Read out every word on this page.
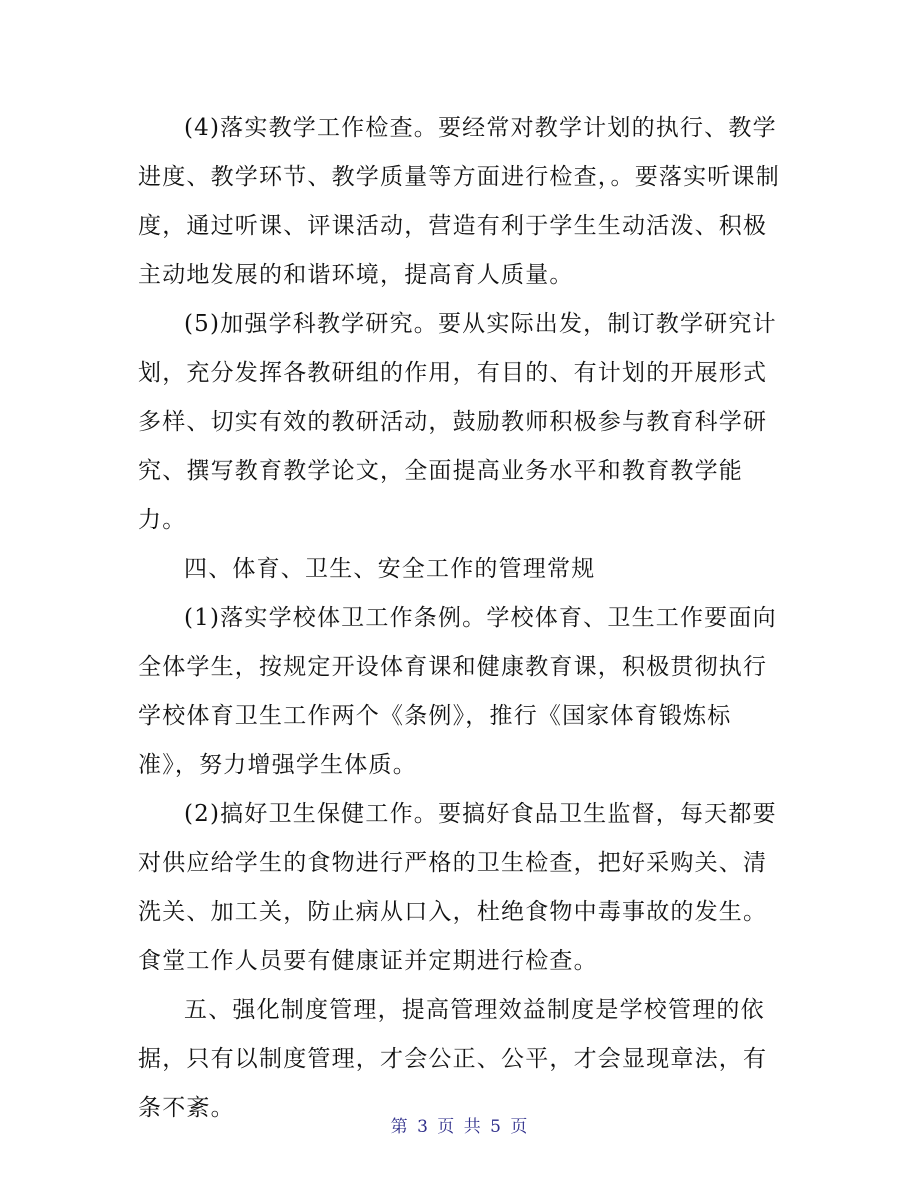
(4)落实教学工作检查。要经常对教学计划的执行、教学进度、教学环节、教学质量等方面进行检查，。要落实听课制度，通过听课、评课活动，营造有利于学生生动活泼、积极主动地发展的和谐环境，提高育人质量。

(5)加强学科教学研究。要从实际出发，制订教学研究计划，充分发挥各教研组的作用，有目的、有计划的开展形式多样、切实有效的教研活动，鼓励教师积极参与教育科学研究、撰写教育教学论文，全面提高业务水平和教育教学能力。

四、体育、卫生、安全工作的管理常规

(1)落实学校体卫工作条例。学校体育、卫生工作要面向全体学生，按规定开设体育课和健康教育课，积极贯彻执行学校体育卫生工作两个《条例》，推行《国家体育锻炼标准》，努力增强学生体质。

(2)搞好卫生保健工作。要搞好食品卫生监督，每天都要对供应给学生的食物进行严格的卫生检查，把好采购关、清洗关、加工关，防止病从口入，杜绝食物中毒事故的发生。食堂工作人员要有健康证并定期进行检查。

五、强化制度管理，提高管理效益制度是学校管理的依据，只有以制度管理，才会公正、公平，才会显现章法，有条不紊。

第 3 页 共 5 页
